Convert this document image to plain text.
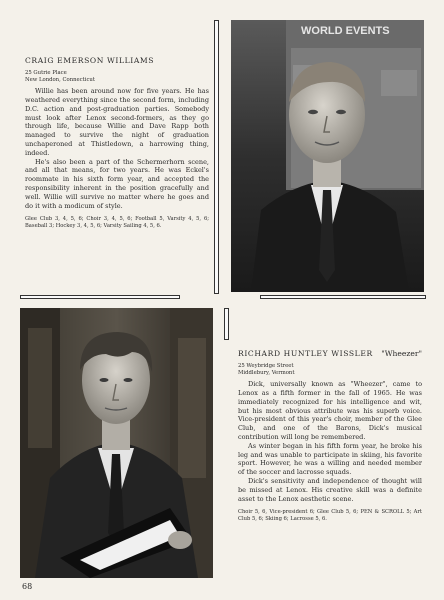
CRAIG EMERSON WILLIAMS
25 Gutrie Place
New London, Connecticut

Willie has been around now for five years. He has weathered everything since the second form, including D.C. action and post-graduation parties. Somebody must look after Lenox second-formers, as they go through life, because Willie and Dave Rapp both managed to survive the night of graduation unchaperoned at Thistledown, a harrowing thing, indeed.

He's also been a part of the Schermerhorn scene, and all that means, for two years. He was Eckel's roommate in his sixth form year, and accepted the responsibility inherent in the position gracefully and well. Willie will survive no matter where he goes and do it with a modicum of style.

Glee Club 3, 4, 5, 6; Choir 3, 4, 5, 6; Football 5, Varsity 4, 5, 6; Baseball 3; Hockey 3, 4, 5, 6; Varsity Sailing 4, 5, 6.
WORLD EVENTS
RICHARD HUNTLEY WISSLER "Wheezer"
25 Weybridge Street
Middlebury, Vermont

Dick, universally known as "Wheezer", came to Lenox as a fifth former in the fall of 1965. He was immediately recognized for his intelligence and wit, but his most obvious attribute was his superb voice. Vice-president of this year's choir, member of the Glee Club, and one of the Barons, Dick's musical contribution will long be remembered.

As winter began in his fifth form year, he broke his leg and was unable to participate in skiing, his favorite sport. However, he was a willing and needed member of the soccer and lacrosse squads.

Dick's sensitivity and independence of thought will be missed at Lenox. His creative skill was a definite asset to the Lenox aesthetic scene.

Choir 5, 6, Vice-president 6; Glee Club 5, 6; PEN & SCROLL 5; Art Club 5, 6; Skiing 6; Lacrosse 5, 6.
68
